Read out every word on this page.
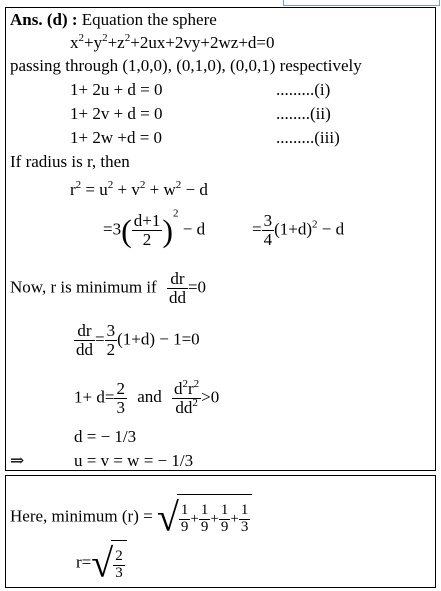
Ans. (d) : Equation the sphere
$x^2+y^2+z^2+2ux+2vy+2wz+d=0$
passing through (1,0,0), (0,1,0), (0,0,1) respectively
1+ 2u + d = 0	.........(i)
1+ 2v + d = 0	........(ii)
1+ 2w +d = 0	.........(iii)
If radius is r, then
$r^2 = u^2 + v^2 + w^2 - d$
$=3( \frac{d+1}{2} )^2 - d$	= $\frac{3}{4} (1+d)^2 - d$
Now, r is minimum if $\frac{dr}{dd} =0$
$\frac{dr}{dd} = \frac{3}{2} (1+d) - 1=0$
$1+ d= \frac{2}{3}$ and $\frac{d^2r^2}{dd^2} >0$
d = − 1/3
⇒	u = v = w = − 1/3
Here, minimum (r) = √ $\frac{1}{9} + \frac{1}{9} + \frac{1}{9} + \frac{1}{3}$
$r=√ \frac{2}{3}$
